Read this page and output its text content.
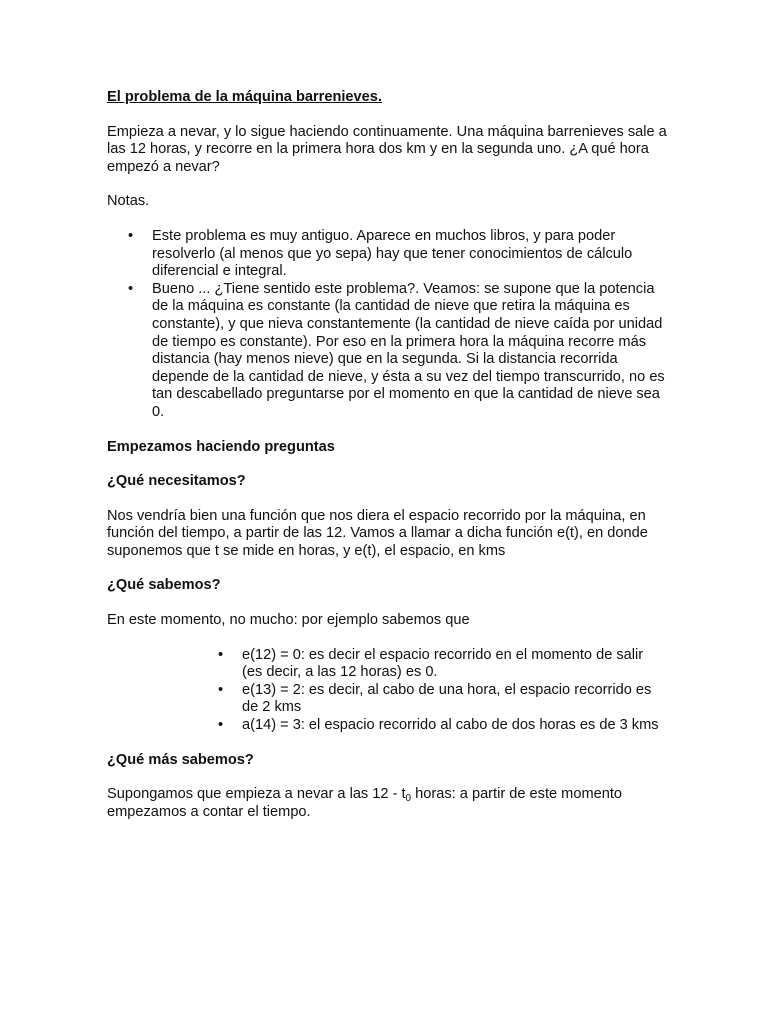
El problema de la máquina barrenieves.

Empieza a nevar, y lo sigue haciendo continuamente. Una máquina barrenieves sale a las 12 horas, y recorre en la primera hora dos km y en la segunda uno. ¿A qué hora empezó a nevar?

Notas.

• Este problema es muy antiguo. Aparece en muchos libros, y para poder resolverlo (al menos que yo sepa) hay que tener conocimientos de cálculo diferencial e integral.
• Bueno ... ¿Tiene sentido este problema?. Veamos: se supone que la potencia de la máquina es constante (la cantidad de nieve que retira la máquina es constante), y que nieva constantemente (la cantidad de nieve caída por unidad de tiempo es constante). Por eso en la primera hora la máquina recorre más distancia (hay menos nieve) que en la segunda. Si la distancia recorrida depende de la cantidad de nieve, y ésta a su vez del tiempo transcurrido, no es tan descabellado preguntarse por el momento en que la cantidad de nieve sea 0.

Empezamos haciendo preguntas

¿Qué necesitamos?

Nos vendría bien una función que nos diera el espacio recorrido por la máquina, en función del tiempo, a partir de las 12. Vamos a llamar a dicha función e(t), en donde suponemos que t se mide en horas, y e(t), el espacio, en kms

¿Qué sabemos?

En este momento, no mucho: por ejemplo sabemos que

• e(12) = 0: es decir el espacio recorrido en el momento de salir (es decir, a las 12 horas) es 0.
• e(13) = 2: es decir, al cabo de una hora, el espacio recorrido es de 2 kms
• a(14) = 3: el espacio recorrido al cabo de dos horas es de 3 kms

¿Qué más sabemos?

Supongamos que empieza a nevar a las $12 - t_0$ horas: a partir de este momento empezamos a contar el tiempo.
